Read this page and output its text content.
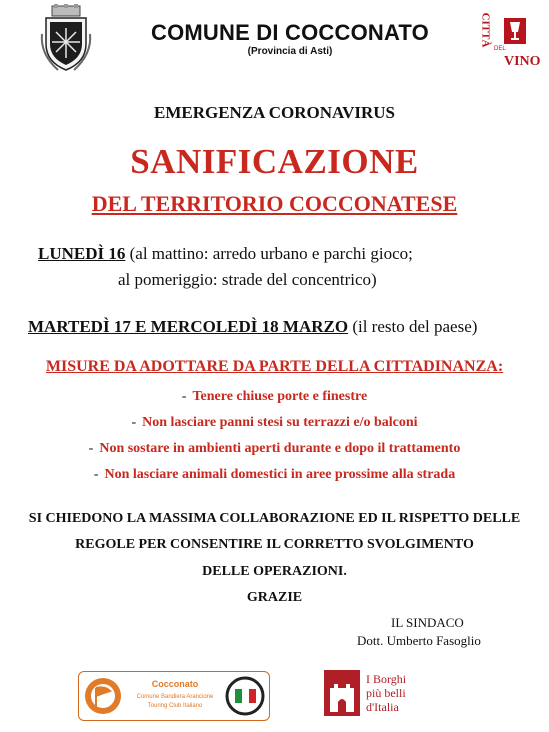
COMUNE DI COCCONATO
(Provincia di Asti)
CITTÀ
DEL
VINO
EMERGENZA CORONAVIRUS
SANIFICAZIONE
DEL TERRITORIO COCCONATESE
LUNEDÌ 16 (al mattino: arredo urbano e parchi gioco;
al pomeriggio: strade del concentrico)
MARTEDÌ 17 E MERCOLEDÌ 18 MARZO (il resto del paese)
MISURE DA ADOTTARE DA PARTE DELLA CITTADINANZA:
- Tenere chiuse porte e finestre
- Non lasciare panni stesi su terrazzi e/o balconi
- Non sostare in ambienti aperti durante e dopo il trattamento
- Non lasciare animali domestici in aree prossime alla strada
SI CHIEDONO LA MASSIMA COLLABORAZIONE ED IL RISPETTO DELLE
REGOLE PER CONSENTIRE IL CORRETTO SVOLGIMENTO
DELLE OPERAZIONI.
GRAZIE
IL SINDACO
Dott. Umberto Fasoglio
Cocconato
Comune Bandiera Arancione
Touring Club Italiano
I Borghi
più belli
d'Italia
